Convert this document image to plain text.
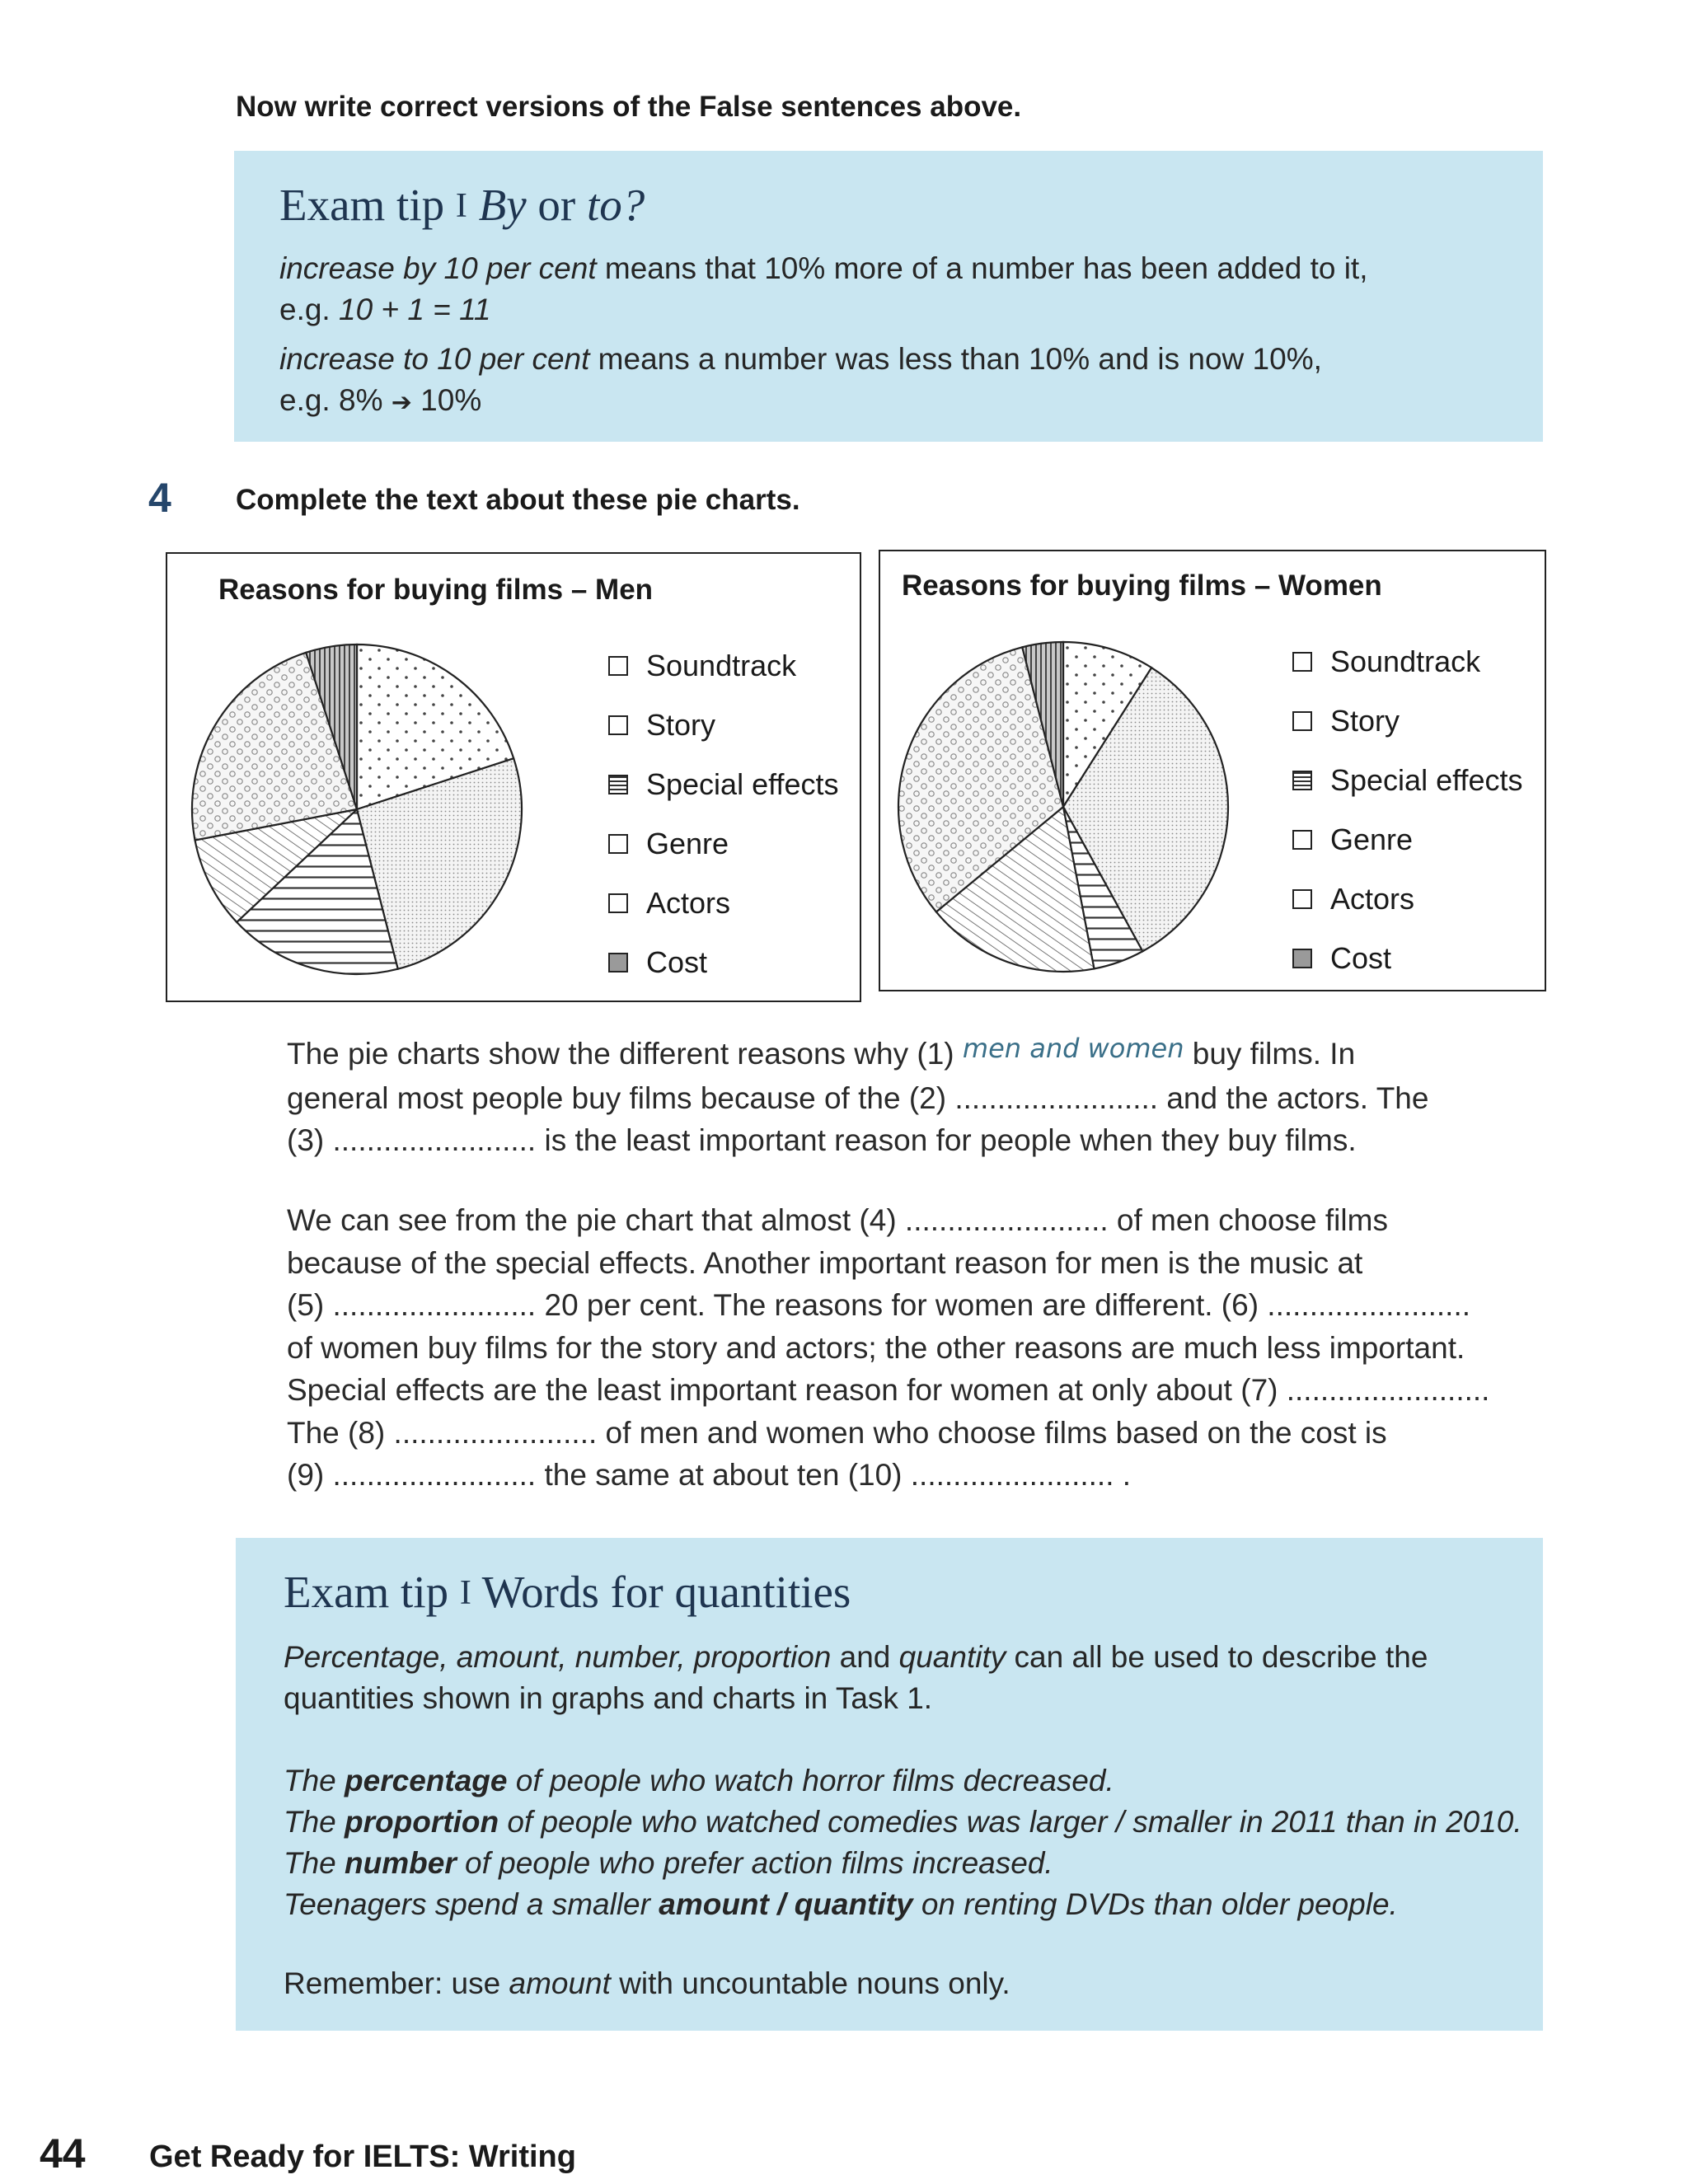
Now write correct versions of the False sentences above.
Exam tip I By or to?
increase by 10 per cent means that 10% more of a number has been added to it,
e.g. 10 + 1 = 11
increase to 10 per cent means a number was less than 10% and is now 10%,
e.g. 8% ➔ 10%
4 Complete the text about these pie charts.
Reasons for buying films – Men
Soundtrack
Story
Special effects
Genre
Actors
Cost
Reasons for buying films – Women
Soundtrack
Story
Special effects
Genre
Actors
Cost
The pie charts show the different reasons why (1) men and women buy films. In
general most people buy films because of the (2) ........................ and the actors. The
(3) ........................ is the least important reason for people when they buy films.
We can see from the pie chart that almost (4) ........................ of men choose films
because of the special effects. Another important reason for men is the music at
(5) ........................ 20 per cent. The reasons for women are different. (6) ........................
of women buy films for the story and actors; the other reasons are much less important.
Special effects are the least important reason for women at only about (7) ........................
The (8) ........................ of men and women who choose films based on the cost is
(9) ........................ the same at about ten (10) ........................ .
Exam tip I Words for quantities
Percentage, amount, number, proportion and quantity can all be used to describe the
quantities shown in graphs and charts in Task 1.
The percentage of people who watch horror films decreased.
The proportion of people who watched comedies was larger / smaller in 2011 than in 2010.
The number of people who prefer action films increased.
Teenagers spend a smaller amount / quantity on renting DVDs than older people.
Remember: use amount with uncountable nouns only.
44 Get Ready for IELTS: Writing
